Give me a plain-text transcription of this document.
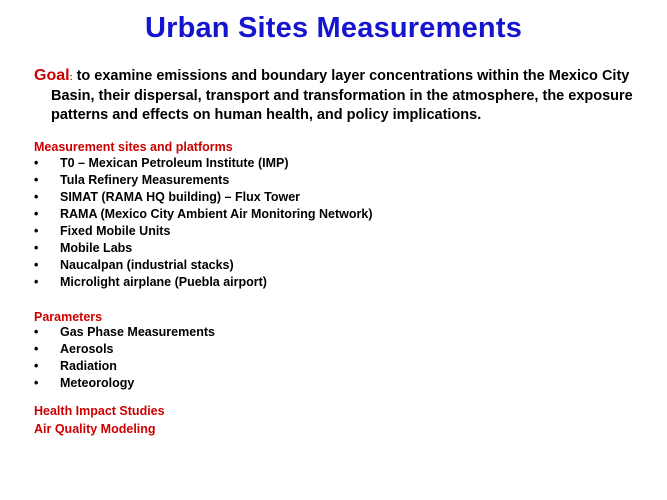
Urban Sites Measurements
Goal: to examine emissions and boundary layer concentrations within the Mexico City Basin, their dispersal, transport and transformation in the atmosphere, the exposure patterns and effects on human health, and policy implications.
Measurement sites and platforms
• T0 – Mexican Petroleum Institute (IMP)
• Tula Refinery Measurements
• SIMAT (RAMA HQ building) – Flux Tower
• RAMA (Mexico City Ambient Air Monitoring Network)
• Fixed Mobile Units
• Mobile Labs
• Naucalpan (industrial stacks)
• Microlight airplane (Puebla airport)
Parameters
• Gas Phase Measurements
• Aerosols
• Radiation
• Meteorology
Health Impact Studies
Air Quality Modeling
